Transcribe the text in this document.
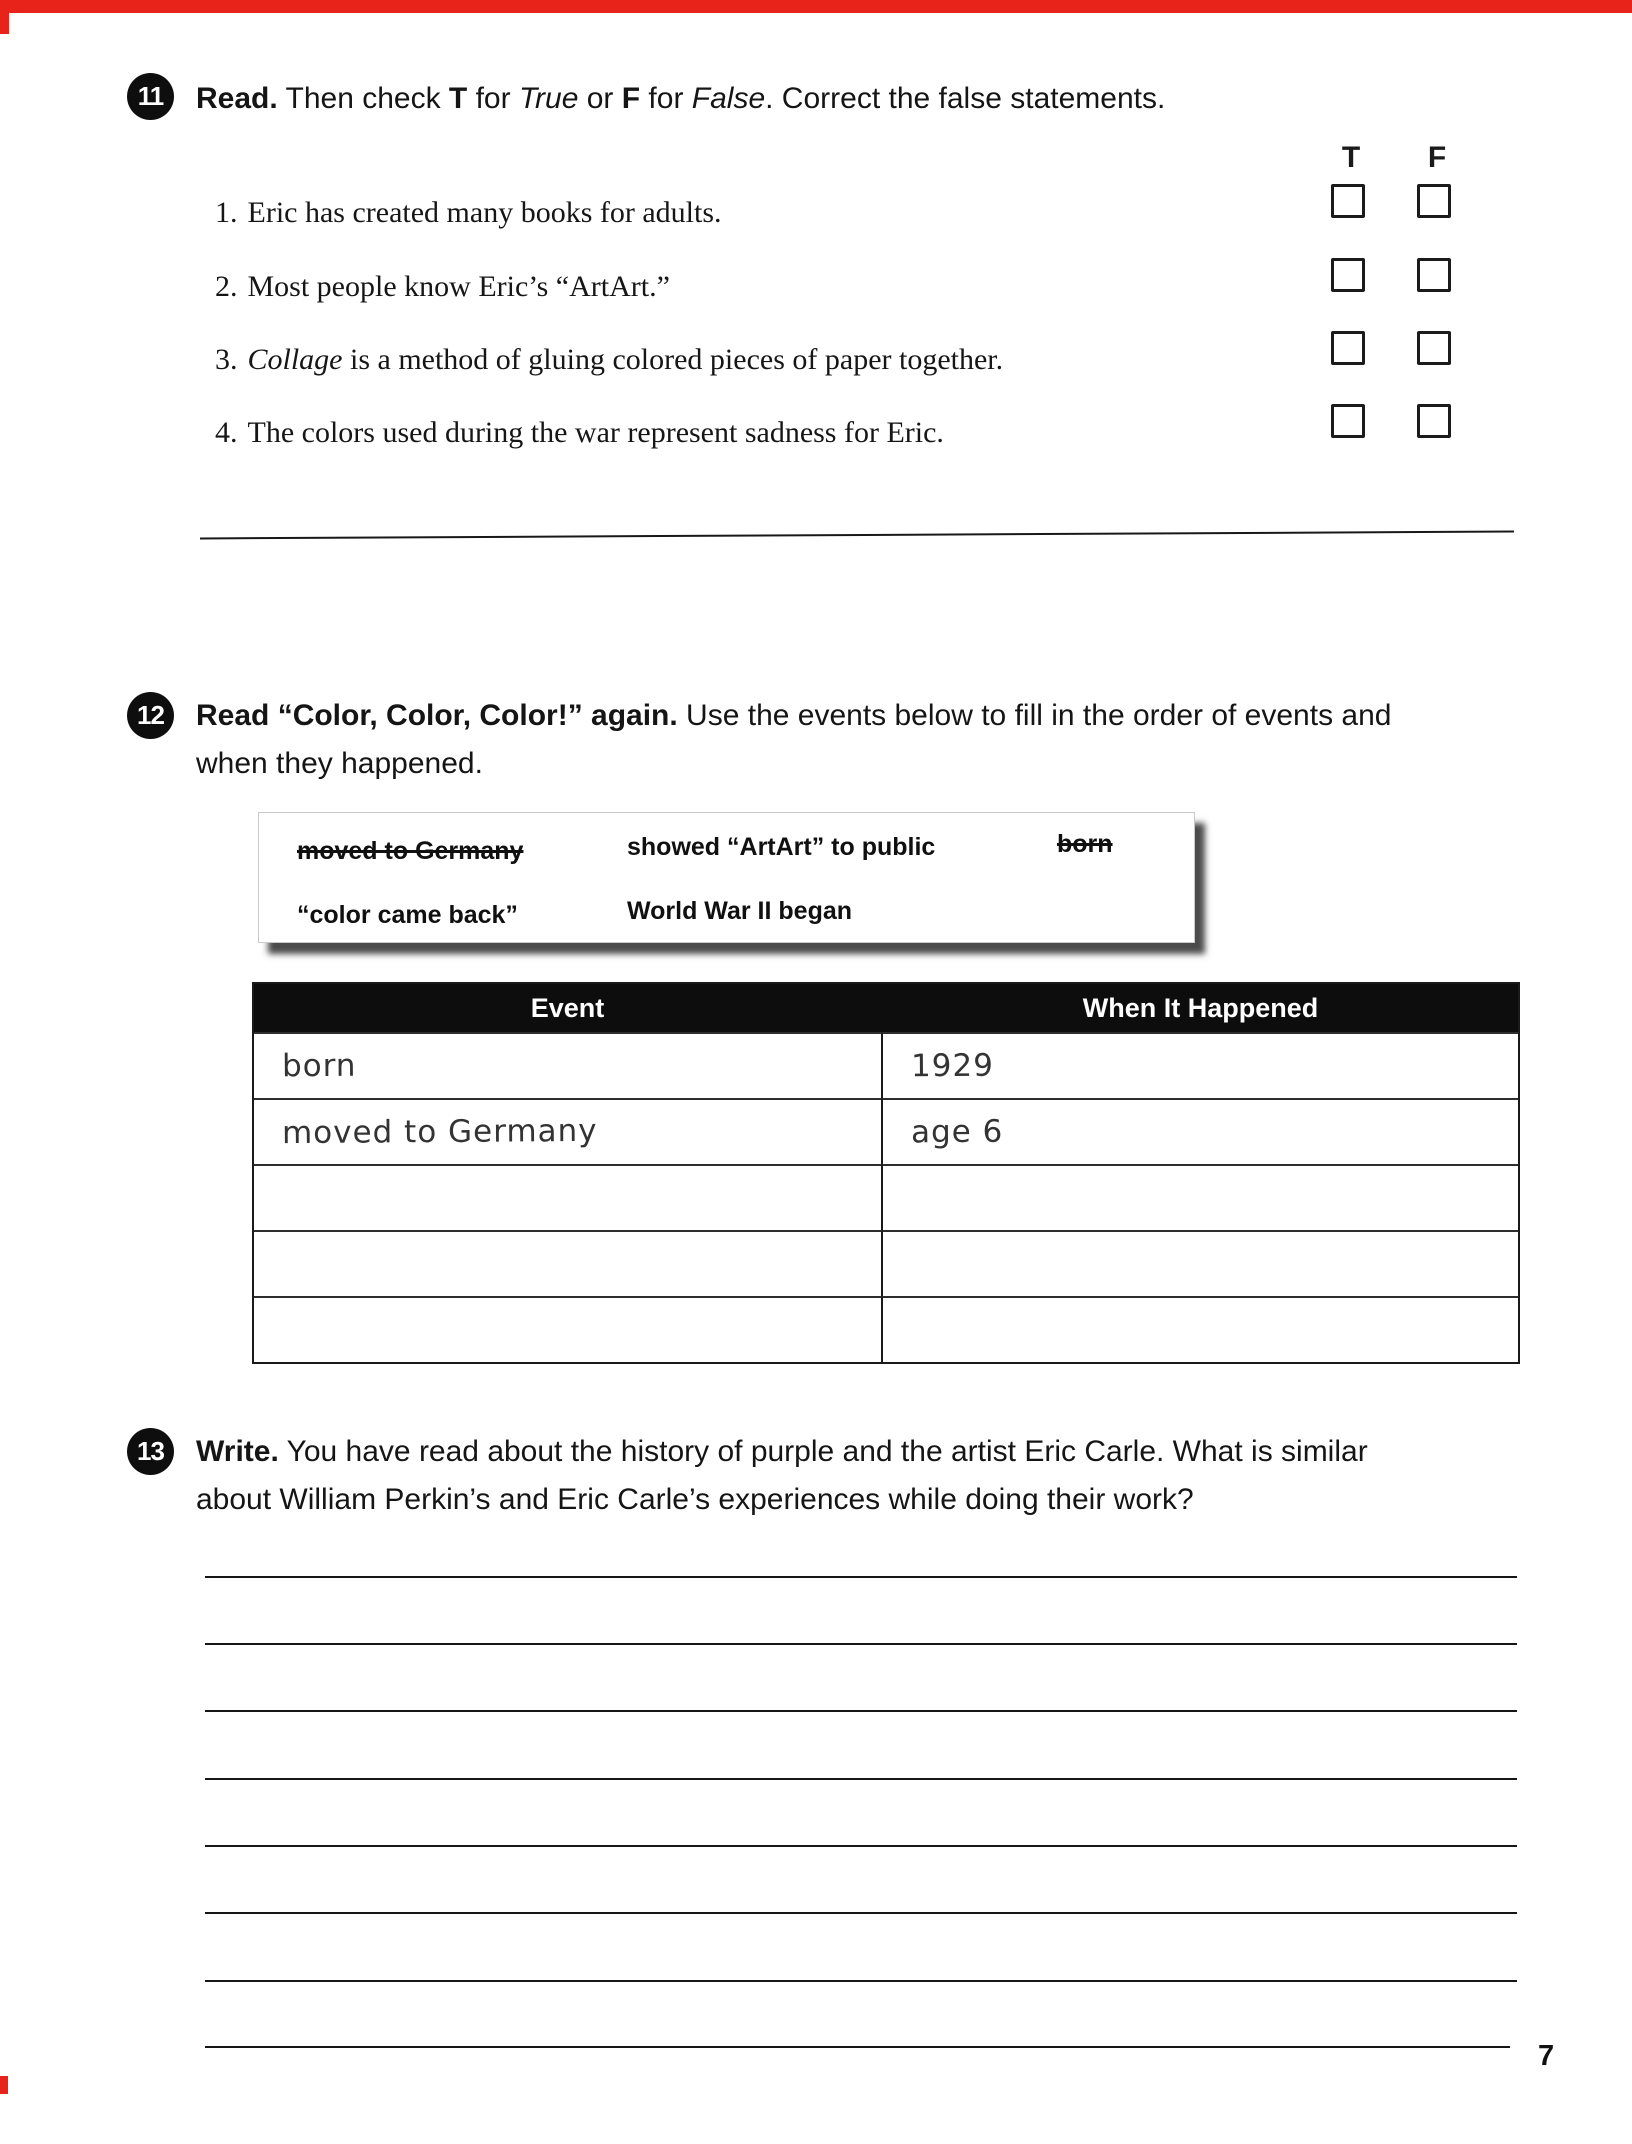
11 Read. Then check T for True or F for False. Correct the false statements.
T F
1. Eric has created many books for adults.
2. Most people know Eric’s “ArtArt.”
3. Collage is a method of gluing colored pieces of paper together.
4. The colors used during the war represent sadness for Eric.
12 Read “Color, Color, Color!” again. Use the events below to fill in the order of events and
when they happened.
moved to Germany	showed “ArtArt” to public	born
“color came back”	World War II began
Event	When It Happened
born	1929
moved to Germany	age 6
13 Write. You have read about the history of purple and the artist Eric Carle. What is similar
about William Perkin’s and Eric Carle’s experiences while doing their work?
7
